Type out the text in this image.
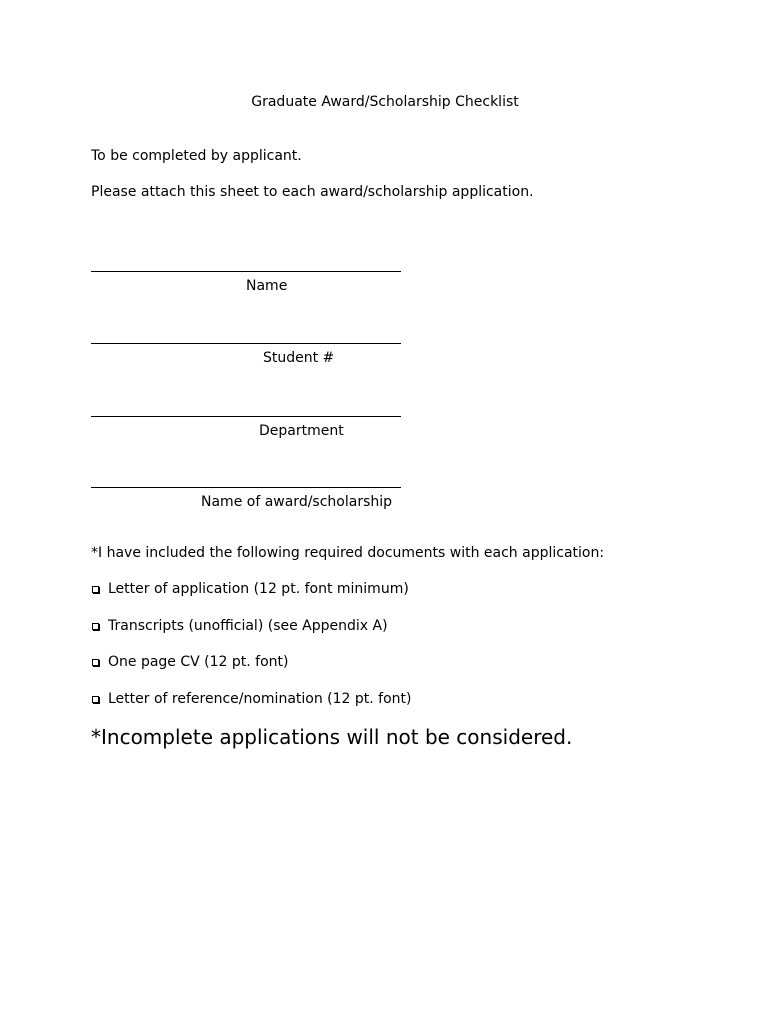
Graduate Award/Scholarship Checklist
To be completed by applicant.
Please attach this sheet to each award/scholarship application.
Name
Student #
Department
Name of award/scholarship
*I have included the following required documents with each application:
Letter of application (12 pt. font minimum)
Transcripts (unofficial) (see Appendix A)
One page CV (12 pt. font)
Letter of reference/nomination (12 pt. font)
*Incomplete applications will not be considered.
